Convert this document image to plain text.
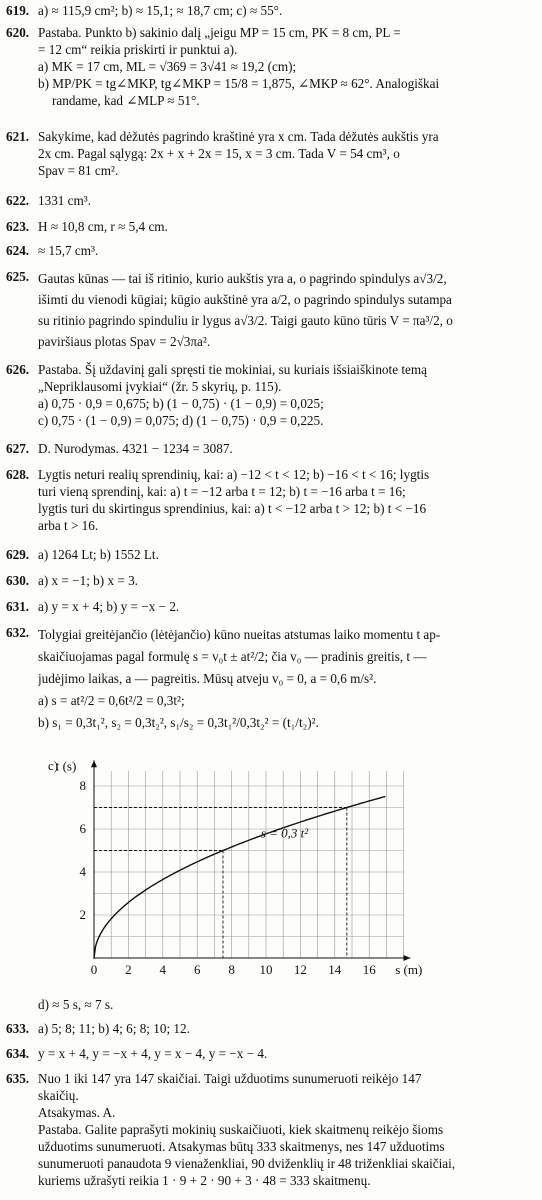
619. a) ≈ 115,9 cm²; b) ≈ 15,1; ≈ 18,7 cm; c) ≈ 55°.
620. Pastaba. Punkto b) sakinio dalį „jeigu MP = 15 cm, PK = 8 cm, PL =
= 12 cm“ reikia priskirti ir punktui a).
a) MK = 17 cm, ML = √369 = 3√41 ≈ 19,2 (cm);
b) MP/PK = tg∠MKP, tg∠MKP = 15/8 = 1,875, ∠MKP ≈ 62°. Analogiškai
randame, kad ∠MLP ≈ 51°.
621. Sakykime, kad dėžutės pagrindo kraštinė yra x cm. Tada dėžutės aukštis yra
2x cm. Pagal sąlygą: 2x + x + 2x = 15, x = 3 cm. Tada V = 54 cm³, o
Spav = 81 cm².
622. 1331 cm³.
623. H ≈ 10,8 cm, r ≈ 5,4 cm.
624. ≈ 15,7 cm³.
625. Gautas kūnas — tai iš ritinio, kurio aukštis yra a, o pagrindo spindulys a√3/2,
išimti du vienodi kūgiai; kūgio aukštinė yra a/2, o pagrindo spindulys sutampa
su ritinio pagrindo spinduliu ir lygus a√3/2. Taigi gauto kūno tūris V = πa³/2, o
paviršiaus plotas Spav = 2√3πa².
626. Pastaba. Šį uždavinį gali spręsti tie mokiniai, su kuriais išsiaiškinote temą
„Nepriklausomi įvykiai“ (žr. 5 skyrių, p. 115).
a) 0,75 · 0,9 = 0,675; b) (1 − 0,75) · (1 − 0,9) = 0,025;
c) 0,75 · (1 − 0,9) = 0,075; d) (1 − 0,75) · 0,9 = 0,225.
627. D. Nurodymas. 4321 − 1234 = 3087.
628. Lygtis neturi realių sprendinių, kai: a) −12 < t < 12; b) −16 < t < 16; lygtis
turi vieną sprendinį, kai: a) t = −12 arba t = 12; b) t = −16 arba t = 16;
lygtis turi du skirtingus sprendinius, kai: a) t < −12 arba t > 12; b) t < −16
arba t > 16.
629. a) 1264 Lt; b) 1552 Lt.
630. a) x = −1; b) x = 3.
631. a) y = x + 4; b) y = −x − 2.
632. Tolygiai greitėjančio (lėtėjančio) kūno nueitas atstumas laiko momentu t ap-
skaičiuojamas pagal formulę s = v₀t ± at²/2; čia v₀ — pradinis greitis, t —
judėjimo laikas, a — pagreitis. Mūsų atveju v₀ = 0, a = 0,6 m/s².
a) s = at²/2 = 0,6t²/2 = 0,3t²;
b) s₁ = 0,3t₁², s₂ = 0,3t₂², s₁/s₂ = 0,3t₁²/0,3t₂² = (t₁/t₂)².
0 2 4 6 8 10 12 14 16
2
4
6
8
s (m)
t (s)
c)
s = 0,3 t²
d) ≈ 5 s, ≈ 7 s.
633. a) 5; 8; 11; b) 4; 6; 8; 10; 12.
634. y = x + 4, y = −x + 4, y = x − 4, y = −x − 4.
635. Nuo 1 iki 147 yra 147 skaičiai. Taigi užduotims sunumeruoti reikėjo 147
skaičių.
Atsakymas. A.
Pastaba. Galite paprašyti mokinių suskaičiuoti, kiek skaitmenų reikėjo šioms
užduotims sunumeruoti. Atsakymas būtų 333 skaitmenys, nes 147 užduotims
sunumeruoti panaudota 9 vienaženkliai, 90 dviženklių ir 48 triženkliai skaičiai,
kuriems užrašyti reikia 1 · 9 + 2 · 90 + 3 · 48 = 333 skaitmenų.
